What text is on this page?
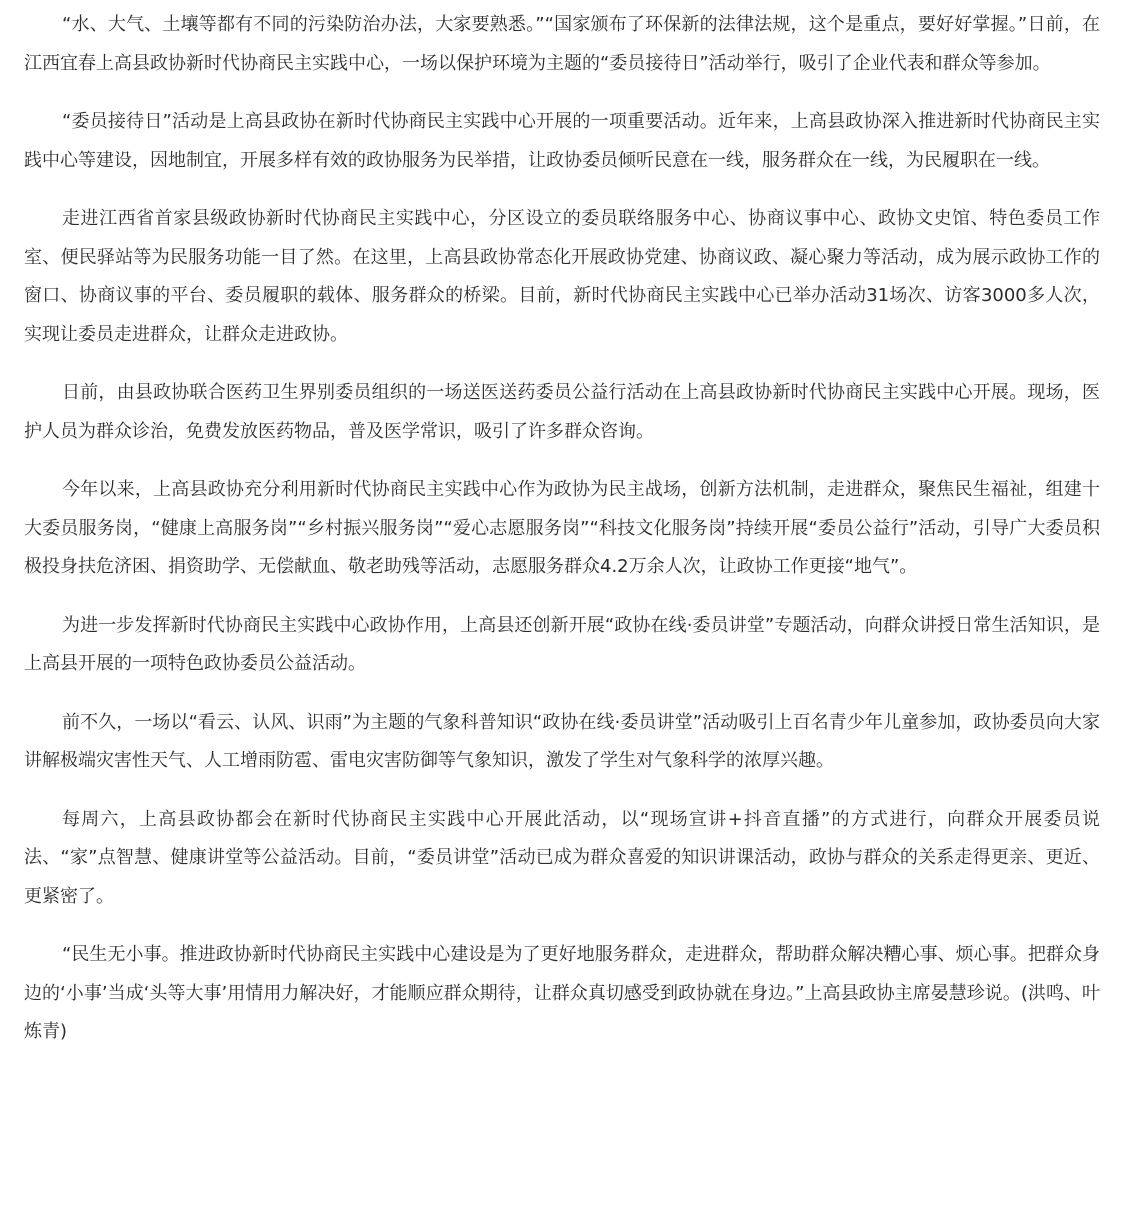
“水、大气、土壤等都有不同的污染防治办法，大家要熟悉。”“国家颁布了环保新的法律法规，这个是重点，要好好掌握。”日前，在江西宜春上高县政协新时代协商民主实践中心，一场以保护环境为主题的“委员接待日”活动举行，吸引了企业代表和群众等参加。

“委员接待日”活动是上高县政协在新时代协商民主实践中心开展的一项重要活动。近年来，上高县政协深入推进新时代协商民主实践中心等建设，因地制宜，开展多样有效的政协服务为民举措，让政协委员倾听民意在一线，服务群众在一线，为民履职在一线。

走进江西省首家县级政协新时代协商民主实践中心，分区设立的委员联络服务中心、协商议事中心、政协文史馆、特色委员工作室、便民驿站等为民服务功能一目了然。在这里，上高县政协常态化开展政协党建、协商议政、凝心聚力等活动，成为展示政协工作的窗口、协商议事的平台、委员履职的载体、服务群众的桥梁。目前，新时代协商民主实践中心已举办活动31场次、访客3000多人次，实现让委员走进群众，让群众走进政协。

日前，由县政协联合医药卫生界别委员组织的一场送医送药委员公益行活动在上高县政协新时代协商民主实践中心开展。现场，医护人员为群众诊治，免费发放医药物品，普及医学常识，吸引了许多群众咨询。

今年以来，上高县政协充分利用新时代协商民主实践中心作为政协为民主战场，创新方法机制，走进群众，聚焦民生福祉，组建十大委员服务岗，“健康上高服务岗”“乡村振兴服务岗”“爱心志愿服务岗”“科技文化服务岗”持续开展“委员公益行”活动，引导广大委员积极投身扶危济困、捐资助学、无偿献血、敬老助残等活动，志愿服务群众4.2万余人次，让政协工作更接“地气”。

为进一步发挥新时代协商民主实践中心政协作用，上高县还创新开展“政协在线·委员讲堂”专题活动，向群众讲授日常生活知识，是上高县开展的一项特色政协委员公益活动。

前不久，一场以“看云、认风、识雨”为主题的气象科普知识“政协在线·委员讲堂”活动吸引上百名青少年儿童参加，政协委员向大家讲解极端灾害性天气、人工增雨防雹、雷电灾害防御等气象知识，激发了学生对气象科学的浓厚兴趣。

每周六，上高县政协都会在新时代协商民主实践中心开展此活动，以“现场宣讲+抖音直播”的方式进行，向群众开展委员说法、“家”点智慧、健康讲堂等公益活动。目前，“委员讲堂”活动已成为群众喜爱的知识讲课活动，政协与群众的关系走得更亲、更近、更紧密了。

“民生无小事。推进政协新时代协商民主实践中心建设是为了更好地服务群众，走进群众，帮助群众解决糟心事、烦心事。把群众身边的‘小事’当成‘头等大事’用情用力解决好，才能顺应群众期待，让群众真切感受到政协就在身边。”上高县政协主席晏慧珍说。(洪鸣、叶炼青)
